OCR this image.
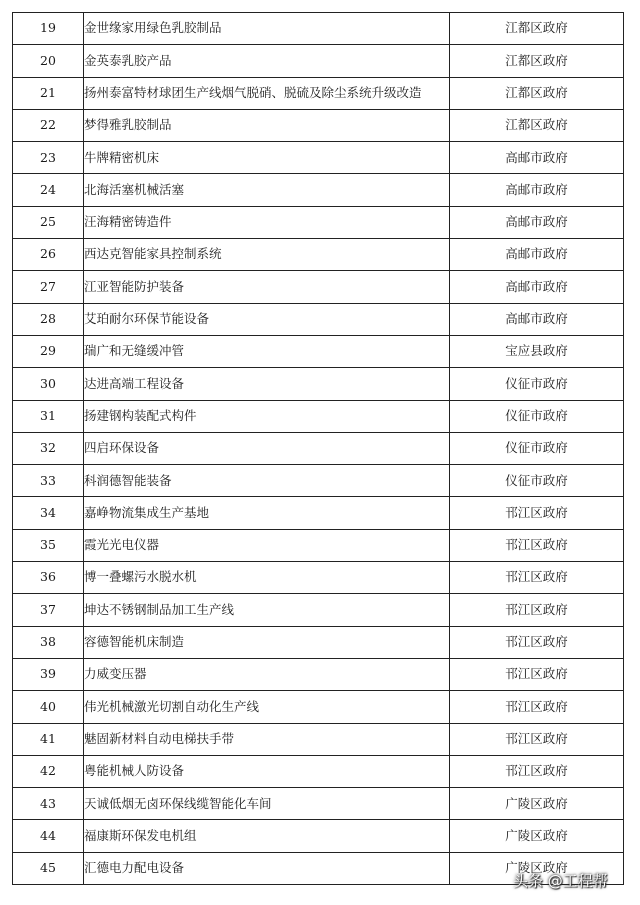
19	金世缘家用绿色乳胶制品	江都区政府
20	金英泰乳胶产品	江都区政府
21	扬州泰富特材球团生产线烟气脱硝、脱硫及除尘系统升级改造	江都区政府
22	梦得雅乳胶制品	江都区政府
23	牛牌精密机床	高邮市政府
24	北海活塞机械活塞	高邮市政府
25	汪海精密铸造件	高邮市政府
26	西达克智能家具控制系统	高邮市政府
27	江亚智能防护装备	高邮市政府
28	艾珀耐尔环保节能设备	高邮市政府
29	瑞广和无缝缓冲管	宝应县政府
30	达进高端工程设备	仪征市政府
31	扬建钢构装配式构件	仪征市政府
32	四启环保设备	仪征市政府
33	科润德智能装备	仪征市政府
34	嘉峥物流集成生产基地	邗江区政府
35	霞光光电仪器	邗江区政府
36	博一叠螺污水脱水机	邗江区政府
37	坤达不锈钢制品加工生产线	邗江区政府
38	容德智能机床制造	邗江区政府
39	力威变压器	邗江区政府
40	伟光机械激光切割自动化生产线	邗江区政府
41	魅固新材料自动电梯扶手带	邗江区政府
42	粤能机械人防设备	邗江区政府
43	天诚低烟无卤环保线缆智能化车间	广陵区政府
44	福康斯环保发电机组	广陵区政府
45	汇德电力配电设备	广陵区政府
头条 @工程帮
